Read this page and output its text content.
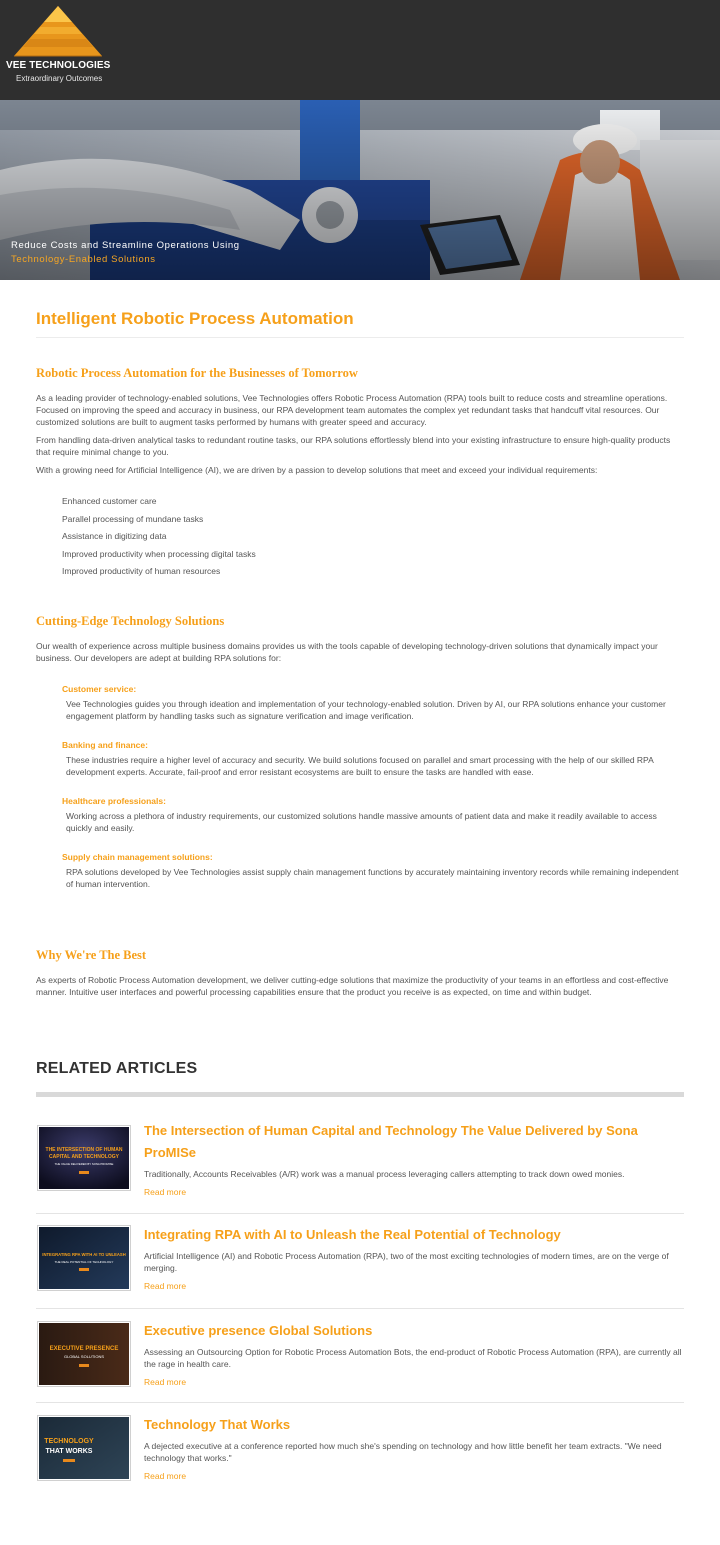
VEE TECHNOLOGIES
Extraordinary Outcomes
Reduce Costs and Streamline Operations Using
Technology-Enabled Solutions
Intelligent Robotic Process Automation
Robotic Process Automation for the Businesses of Tomorrow

As a leading provider of technology-enabled solutions, Vee Technologies offers Robotic Process Automation (RPA) tools built to reduce costs and streamline operations. Focused on improving the speed and accuracy in business, our RPA development team automates the complex yet redundant tasks that handcuff vital resources. Our customized solutions are built to augment tasks performed by humans with greater speed and accuracy.

From handling data-driven analytical tasks to redundant routine tasks, our RPA solutions effortlessly blend into your existing infrastructure to ensure high-quality products that require minimal change to you.

With a growing need for Artificial Intelligence (AI), we are driven by a passion to develop solutions that meet and exceed your individual requirements:

Enhanced customer care
Parallel processing of mundane tasks
Assistance in digitizing data
Improved productivity when processing digital tasks
Improved productivity of human resources
Cutting-Edge Technology Solutions

Our wealth of experience across multiple business domains provides us with the tools capable of developing technology-driven solutions that dynamically impact your business. Our developers are adept at building RPA solutions for:

Customer service:
Vee Technologies guides you through ideation and implementation of your technology-enabled solution. Driven by AI, our RPA solutions enhance your customer engagement platform by handling tasks such as signature verification and image verification.
Banking and finance:
These industries require a higher level of accuracy and security. We build solutions focused on parallel and smart processing with the help of our skilled RPA development experts. Accurate, fail-proof and error resistant ecosystems are built to ensure the tasks are handled with ease.
Healthcare professionals:
Working across a plethora of industry requirements, our customized solutions handle massive amounts of patient data and make it readily available to access quickly and easily.
Supply chain management solutions:
RPA solutions developed by Vee Technologies assist supply chain management functions by accurately maintaining inventory records while remaining independent of human intervention.
Why We're The Best

As experts of Robotic Process Automation development, we deliver cutting-edge solutions that maximize the productivity of your teams in an effortless and cost-effective manner. Intuitive user interfaces and powerful processing capabilities ensure that the product you receive is as expected, on time and within budget.

RELATED ARTICLES
THE INTERSECTION OF HUMAN
CAPITAL AND TECHNOLOGY
THE VALUE DELIVERED BY SONA PROMISE
The Intersection of Human Capital and Technology The Value Delivered by Sona ProMISe
Traditionally, Accounts Receivables (A/R) work was a manual process leveraging callers attempting to track down owed monies.
Read more
INTEGRATING RPA WITH AI TO UNLEASH
THE REAL POTENTIAL OF TECHNOLOGY
Integrating RPA with AI to Unleash the Real Potential of Technology
Artificial Intelligence (AI) and Robotic Process Automation (RPA), two of the most exciting technologies of modern times, are on the verge of merging.
Read more
EXECUTIVE PRESENCE
GLOBAL SOLUTIONS
Executive presence Global Solutions
Assessing an Outsourcing Option for Robotic Process Automation Bots, the end-product of Robotic Process Automation (RPA), are currently all the rage in health care.
Read more
TECHNOLOGY
THAT WORKS
Technology That Works
A dejected executive at a conference reported how much she's spending on technology and how little benefit her team extracts. "We need technology that works."
Read more
